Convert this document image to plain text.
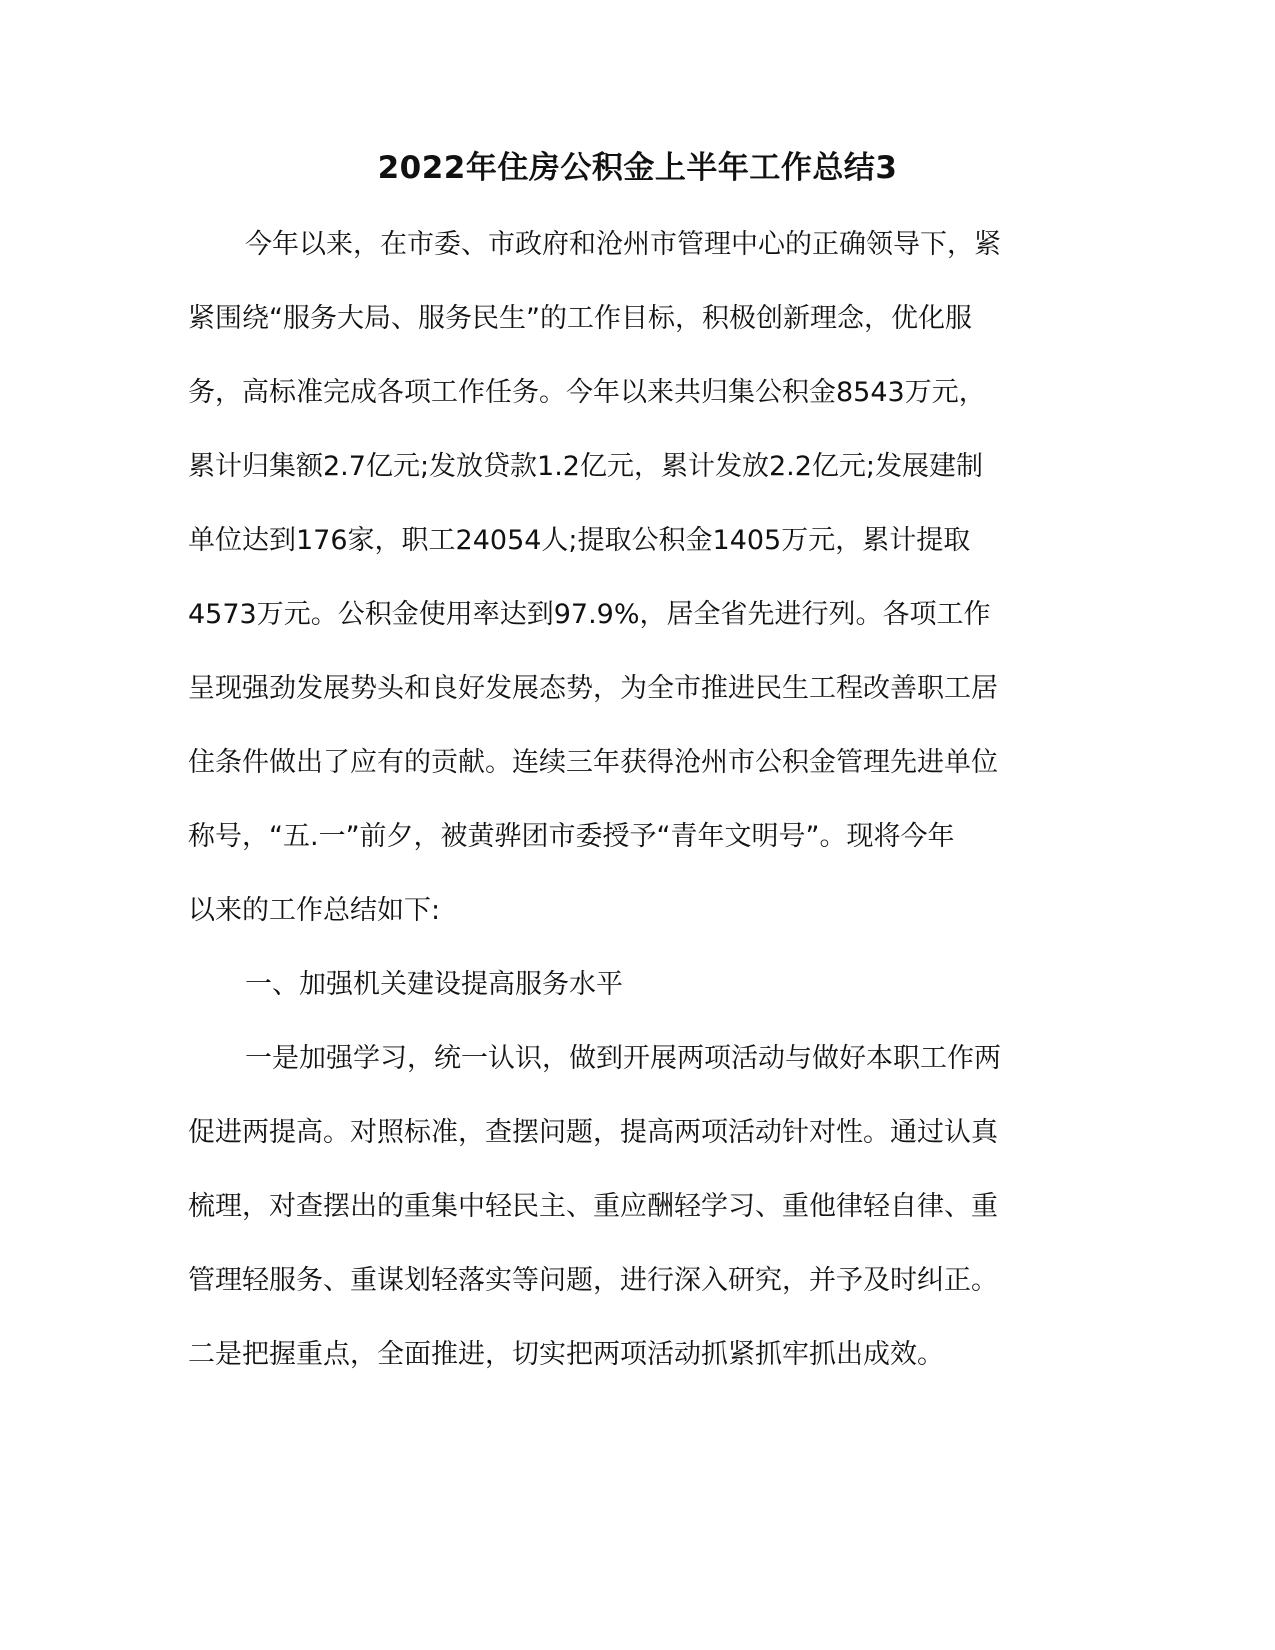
2022年住房公积金上半年工作总结3
今年以来，在市委、市政府和沧州市管理中心的正确领导下，紧
紧围绕“服务大局、服务民生”的工作目标，积极创新理念，优化服
务，高标准完成各项工作任务。今年以来共归集公积金8543万元，
累计归集额2.7亿元;发放贷款1.2亿元，累计发放2.2亿元;发展建制
单位达到176家，职工24054人;提取公积金1405万元，累计提取
4573万元。公积金使用率达到97.9%，居全省先进行列。各项工作
呈现强劲发展势头和良好发展态势，为全市推进民生工程改善职工居
住条件做出了应有的贡献。连续三年获得沧州市公积金管理先进单位
称号，“五.一”前夕，被黄骅团市委授予“青年文明号”。现将今年
以来的工作总结如下:
一、加强机关建设提高服务水平
一是加强学习，统一认识，做到开展两项活动与做好本职工作两
促进两提高。对照标准，查摆问题，提高两项活动针对性。通过认真
梳理，对查摆出的重集中轻民主、重应酬轻学习、重他律轻自律、重
管理轻服务、重谋划轻落实等问题，进行深入研究，并予及时纠正。
二是把握重点，全面推进，切实把两项活动抓紧抓牢抓出成效。
